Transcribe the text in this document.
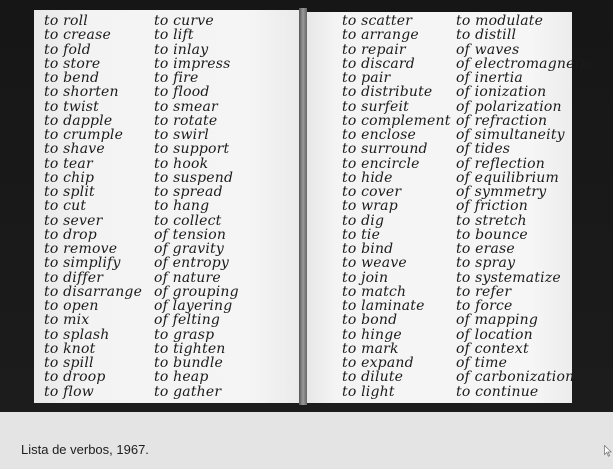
to roll
to crease
to fold
to store
to bend
to shorten
to twist
to dapple
to crumple
to shave
to tear
to chip
to split
to cut
to sever
to drop
to remove
to simplify
to differ
to disarrange
to open
to mix
to splash
to knot
to spill
to droop
to flow
to curve
to lift
to inlay
to impress
to fire
to flood
to smear
to rotate
to swirl
to support
to hook
to suspend
to spread
to hang
to collect
of tension
of gravity
of entropy
of nature
of grouping
of layering
of felting
to grasp
to tighten
to bundle
to heap
to gather
to scatter
to arrange
to repair
to discard
to pair
to distribute
to surfeit
to complement
to enclose
to surround
to encircle
to hide
to cover
to wrap
to dig
to tie
to bind
to weave
to join
to match
to laminate
to bond
to hinge
to mark
to expand
to dilute
to light
to modulate
to distill
of waves
of electromagnetic
of inertia
of ionization
of polarization
of refraction
of simultaneity
of tides
of reflection
of equilibrium
of symmetry
of friction
to stretch
to bounce
to erase
to spray
to systematize
to refer
to force
of mapping
of location
of context
of time
of carbonization
to continue
Lista de verbos, 1967.
